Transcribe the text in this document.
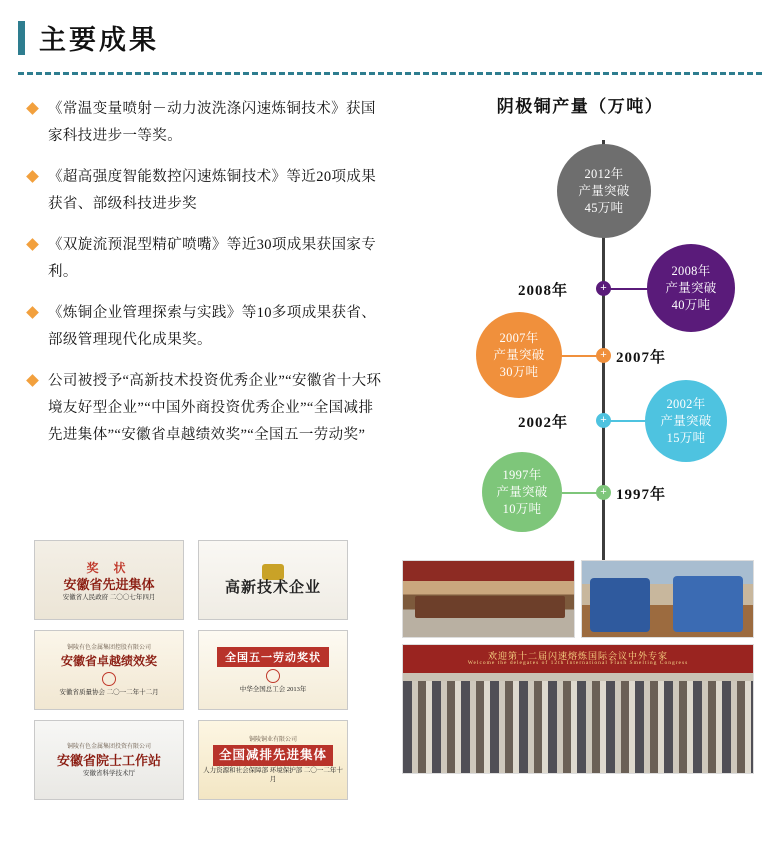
主要成果
《常温变量喷射－动力波洗涤闪速炼铜技术》获国家科技进步一等奖。
《超高强度智能数控闪速炼铜技术》等近20项成果获省、部级科技进步奖
《双旋流预混型精矿喷嘴》等近30项成果获国家专利。
《炼铜企业管理探索与实践》等10多项成果获省、部级管理现代化成果奖。
公司被授予“高新技术投资优秀企业”“安徽省十大环境友好型企业”“中国外商投资优秀企业”“全国减排先进集体”“安徽省卓越绩效奖”“全国五一劳动奖”
阴极铜产量（万吨）
2012年
产量突破
45万吨
+
2008年
2008年
产量突破
40万吨
+ 2007年
2007年
产量突破
30万吨
+
2002年
2002年
产量突破
15万吨
+ 1997年
1997年
产量突破
10万吨
奖 状
安徽省先进集体
安徽省人民政府 二〇〇七年四月
高新技术企业
铜陵有色金属集团控股有限公司
安徽省卓越绩效奖
安徽省质量协会 二〇一二年十二月
全国五一劳动奖状
中华全国总工会 2013年
铜陵有色金属集团投资有限公司
安徽省院士工作站
安徽省科学技术厅
铜陵铜业有限公司
全国减排先进集体
人力资源和社会保障部 环境保护部 二〇一二年十月
欢迎第十二届闪速熔炼国际会议中外专家
Welcome the delegates of 12th International Flash Smelting Congress
